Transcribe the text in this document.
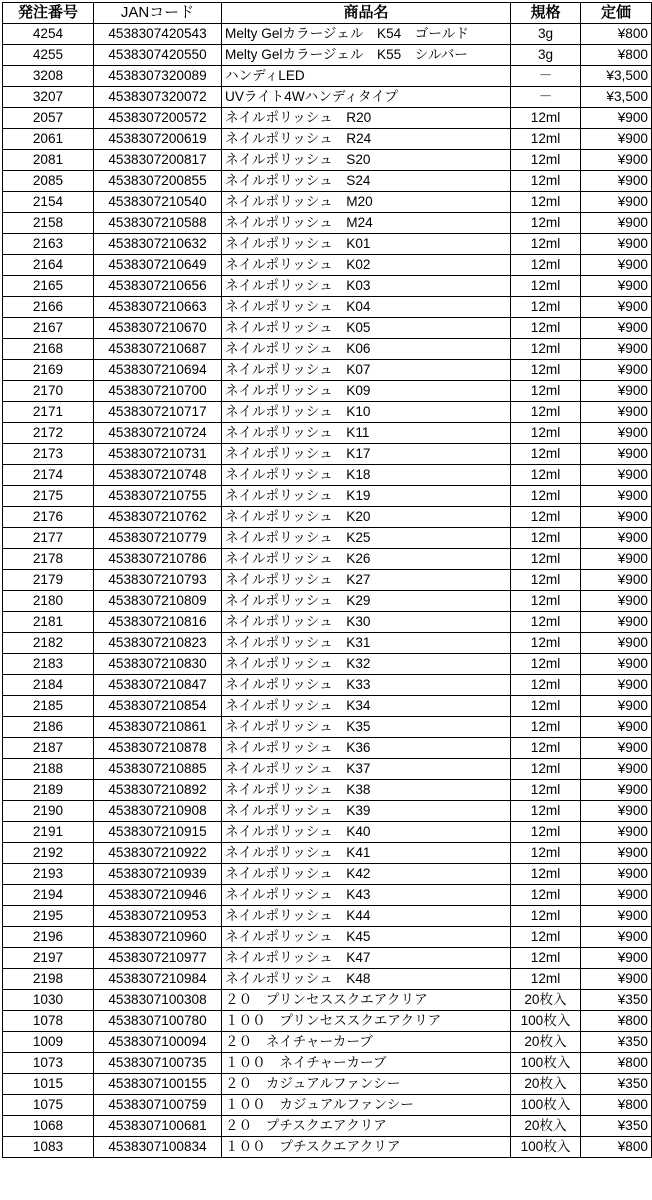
発注番号	JANコード	商品名	規格	定価
4254	4538307420543	Melty Gelカラージェル　K54　ゴールド	3g	¥800
4255	4538307420550	Melty Gelカラージェル　K55　シルバー	3g	¥800
3208	4538307320089	ハンディLED	－	¥3,500
3207	4538307320072	UVライト4Wハンディタイプ	－	¥3,500
2057	4538307200572	ネイルポリッシュ　R20	12ml	¥900
2061	4538307200619	ネイルポリッシュ　R24	12ml	¥900
2081	4538307200817	ネイルポリッシュ　S20	12ml	¥900
2085	4538307200855	ネイルポリッシュ　S24	12ml	¥900
2154	4538307210540	ネイルポリッシュ　M20	12ml	¥900
2158	4538307210588	ネイルポリッシュ　M24	12ml	¥900
2163	4538307210632	ネイルポリッシュ　K01	12ml	¥900
2164	4538307210649	ネイルポリッシュ　K02	12ml	¥900
2165	4538307210656	ネイルポリッシュ　K03	12ml	¥900
2166	4538307210663	ネイルポリッシュ　K04	12ml	¥900
2167	4538307210670	ネイルポリッシュ　K05	12ml	¥900
2168	4538307210687	ネイルポリッシュ　K06	12ml	¥900
2169	4538307210694	ネイルポリッシュ　K07	12ml	¥900
2170	4538307210700	ネイルポリッシュ　K09	12ml	¥900
2171	4538307210717	ネイルポリッシュ　K10	12ml	¥900
2172	4538307210724	ネイルポリッシュ　K11	12ml	¥900
2173	4538307210731	ネイルポリッシュ　K17	12ml	¥900
2174	4538307210748	ネイルポリッシュ　K18	12ml	¥900
2175	4538307210755	ネイルポリッシュ　K19	12ml	¥900
2176	4538307210762	ネイルポリッシュ　K20	12ml	¥900
2177	4538307210779	ネイルポリッシュ　K25	12ml	¥900
2178	4538307210786	ネイルポリッシュ　K26	12ml	¥900
2179	4538307210793	ネイルポリッシュ　K27	12ml	¥900
2180	4538307210809	ネイルポリッシュ　K29	12ml	¥900
2181	4538307210816	ネイルポリッシュ　K30	12ml	¥900
2182	4538307210823	ネイルポリッシュ　K31	12ml	¥900
2183	4538307210830	ネイルポリッシュ　K32	12ml	¥900
2184	4538307210847	ネイルポリッシュ　K33	12ml	¥900
2185	4538307210854	ネイルポリッシュ　K34	12ml	¥900
2186	4538307210861	ネイルポリッシュ　K35	12ml	¥900
2187	4538307210878	ネイルポリッシュ　K36	12ml	¥900
2188	4538307210885	ネイルポリッシュ　K37	12ml	¥900
2189	4538307210892	ネイルポリッシュ　K38	12ml	¥900
2190	4538307210908	ネイルポリッシュ　K39	12ml	¥900
2191	4538307210915	ネイルポリッシュ　K40	12ml	¥900
2192	4538307210922	ネイルポリッシュ　K41	12ml	¥900
2193	4538307210939	ネイルポリッシュ　K42	12ml	¥900
2194	4538307210946	ネイルポリッシュ　K43	12ml	¥900
2195	4538307210953	ネイルポリッシュ　K44	12ml	¥900
2196	4538307210960	ネイルポリッシュ　K45	12ml	¥900
2197	4538307210977	ネイルポリッシュ　K47	12ml	¥900
2198	4538307210984	ネイルポリッシュ　K48	12ml	¥900
1030	4538307100308	２０　プリンセススクエアクリア	20枚入	¥350
1078	4538307100780	１００　プリンセススクエアクリア	100枚入	¥800
1009	4538307100094	２０　ネイチャーカーブ	20枚入	¥350
1073	4538307100735	１００　ネイチャーカーブ	100枚入	¥800
1015	4538307100155	２０　カジュアルファンシー	20枚入	¥350
1075	4538307100759	１００　カジュアルファンシー	100枚入	¥800
1068	4538307100681	２０　プチスクエアクリア	20枚入	¥350
1083	4538307100834	１００　プチスクエアクリア	100枚入	¥800
